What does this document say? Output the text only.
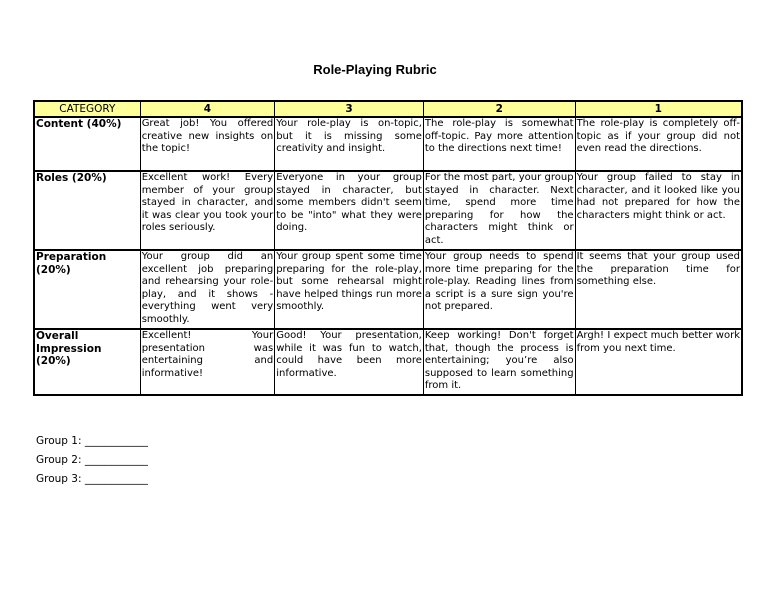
Role-Playing Rubric
CATEGORY	4	3	2	1
Content (40%)	Great job! You offered creative new insights on the topic!	Your role-play is on-topic, but it is missing some creativity and insight.	The role-play is somewhat off-topic. Pay more attention to the directions next time!	The role-play is completely off-topic as if your group did not even read the directions.
Roles (20%)	Excellent work! Every member of your group stayed in character, and it was clear you took your roles seriously.	Everyone in your group stayed in character, but some members didn't seem to be "into" what they were doing.	For the most part, your group stayed in character. Next time, spend more time preparing for how the characters might think or act.	Your group failed to stay in character, and it looked like you had not prepared for how the characters might think or act.
Preparation (20%)	Your group did an excellent job preparing and rehearsing your role-play, and it shows - everything went very smoothly.	Your group spent some time preparing for the role-play, but some rehearsal might have helped things run more smoothly.	Your group needs to spend more time preparing for the role-play. Reading lines from a script is a sure sign you're not prepared.	It seems that your group used the preparation time for something else.
Overall Impression (20%)	Excellent! Your presentation was entertaining and informative!	Good! Your presentation, while it was fun to watch, could have been more informative.	Keep working! Don't forget that, though the process is entertaining; you’re also supposed to learn something from it.	Argh! I expect much better work from you next time.
Group 1: ____________
Group 2: ____________
Group 3: ____________
